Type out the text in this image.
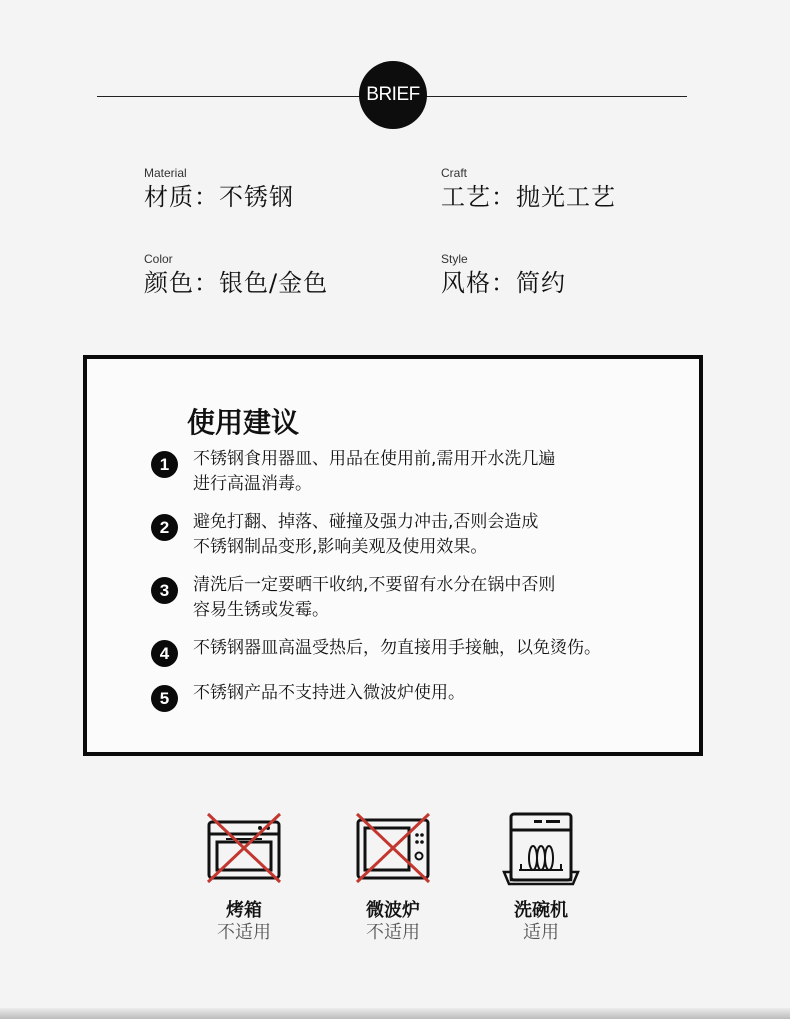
BRIEF
Material
材质：不锈钢
Craft
工艺：抛光工艺
Color
颜色：银色/金色
Style
风格：简约
使用建议
1	不锈钢食用器皿、用品在使用前,需用开水洗几遍
进行高温消毒。
2	避免打翻、掉落、碰撞及强力冲击,否则会造成
不锈钢制品变形,影响美观及使用效果。
3	清洗后一定要晒干收纳,不要留有水分在锅中否则
容易生锈或发霉。
4	不锈钢器皿高温受热后，勿直接用手接触，以免烫伤。
5	不锈钢产品不支持进入微波炉使用。
烤箱
不适用
微波炉
不适用
洗碗机
适用
